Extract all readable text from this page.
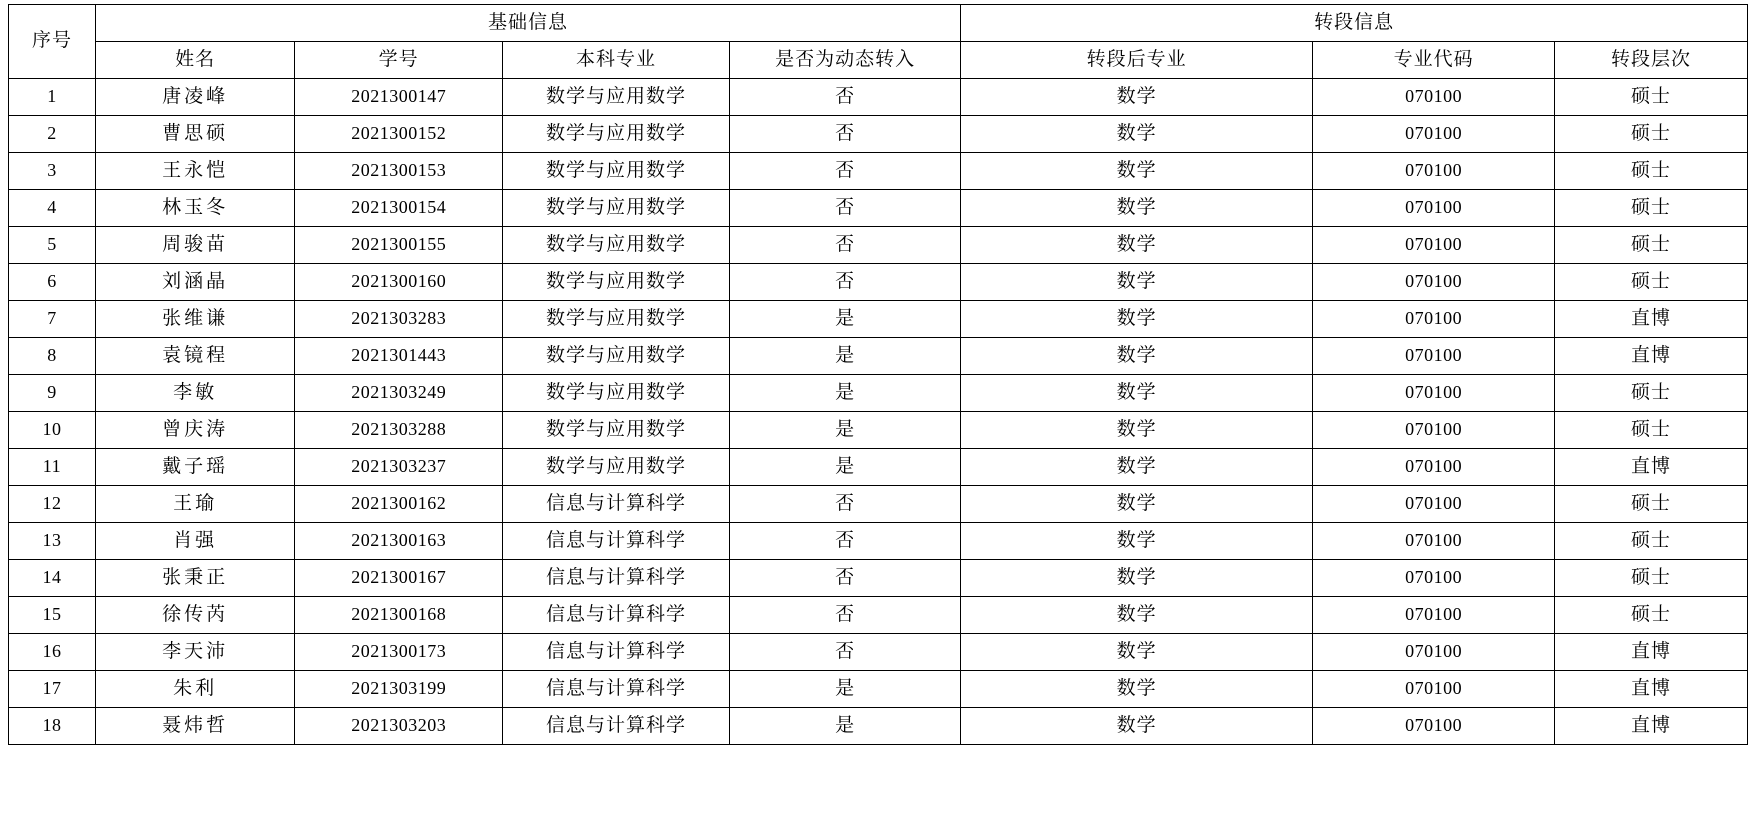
序号	基础信息				转段信息		
	姓名	学号	本科专业	是否为动态转入	转段后专业	专业代码	转段层次
1	唐凌峰	2021300147	数学与应用数学	否	数学	070100	硕士
2	曹思硕	2021300152	数学与应用数学	否	数学	070100	硕士
3	王永恺	2021300153	数学与应用数学	否	数学	070100	硕士
4	林玉冬	2021300154	数学与应用数学	否	数学	070100	硕士
5	周骏苗	2021300155	数学与应用数学	否	数学	070100	硕士
6	刘涵晶	2021300160	数学与应用数学	否	数学	070100	硕士
7	张维谦	2021303283	数学与应用数学	是	数学	070100	直博
8	袁镜程	2021301443	数学与应用数学	是	数学	070100	直博
9	李敏	2021303249	数学与应用数学	是	数学	070100	硕士
10	曾庆涛	2021303288	数学与应用数学	是	数学	070100	硕士
11	戴子瑶	2021303237	数学与应用数学	是	数学	070100	直博
12	王瑜	2021300162	信息与计算科学	否	数学	070100	硕士
13	肖强	2021300163	信息与计算科学	否	数学	070100	硕士
14	张秉正	2021300167	信息与计算科学	否	数学	070100	硕士
15	徐传芮	2021300168	信息与计算科学	否	数学	070100	硕士
16	李天沛	2021300173	信息与计算科学	否	数学	070100	直博
17	朱利	2021303199	信息与计算科学	是	数学	070100	直博
18	聂炜哲	2021303203	信息与计算科学	是	数学	070100	直博
